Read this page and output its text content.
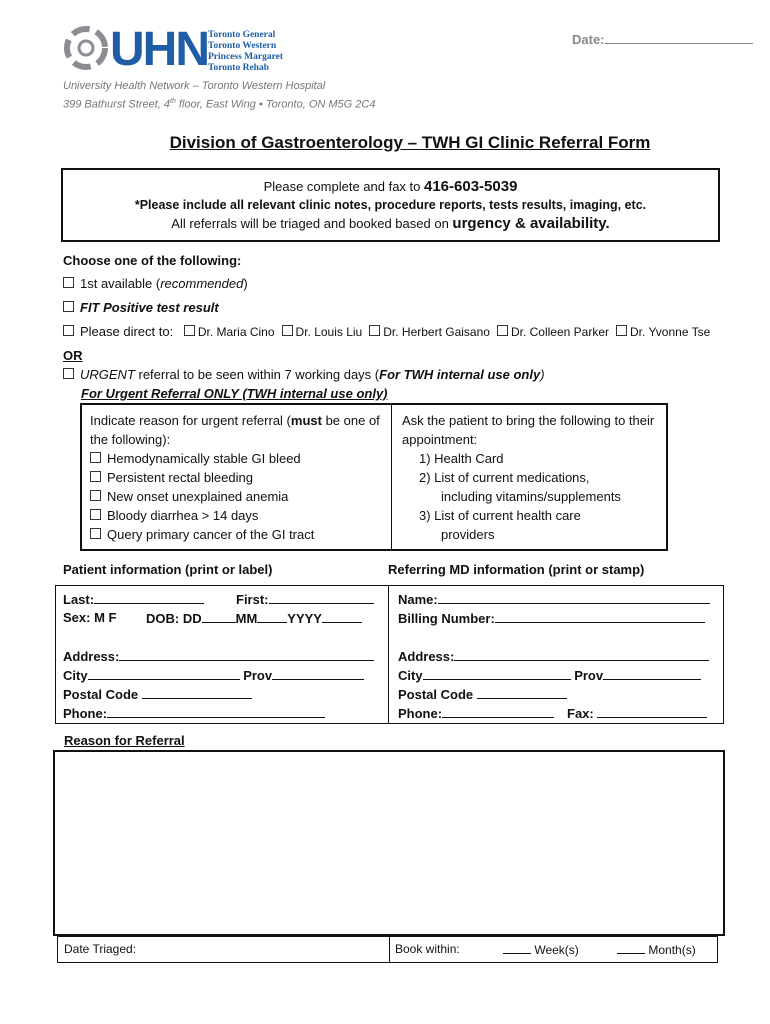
UHN Toronto General
Toronto Western
Princess Margaret
Toronto Rehab
Date:
University Health Network – Toronto Western Hospital
399 Bathurst Street, 4th floor, East Wing • Toronto, ON M5G 2C4
Division of Gastroenterology – TWH GI Clinic Referral Form
Please complete and fax to 416-603-5039
*Please include all relevant clinic notes, procedure reports, tests results, imaging, etc.
All referrals will be triaged and booked based on urgency & availability.
Choose one of the following:
1st available (recommended)
FIT Positive test result
Please direct to: Dr. Maria Cino Dr. Louis Liu Dr. Herbert Gaisano Dr. Colleen Parker Dr. Yvonne Tse
OR
URGENT referral to be seen within 7 working days (For TWH internal use only)
For Urgent Referral ONLY (TWH internal use only)
Indicate reason for urgent referral (must be one of the following):
Hemodynamically stable GI bleed
Persistent rectal bleeding
New onset unexplained anemia
Bloody diarrhea > 14 days
Query primary cancer of the GI tract
Ask the patient to bring the following to their appointment:
1) Health Card
2) List of current medications,
including vitamins/supplements
3) List of current health care
providers
Patient information (print or label)	Referring MD information (print or stamp)
Last:	First:
Sex: M F DOB: DD	MM YYYY
Address:
City	Prov
Postal Code
Phone:
Name:
Billing Number:
Address:
City	Prov
Postal Code
Phone:	Fax:
Reason for Referral
Date Triaged:	Book within:	Week(s)	Month(s)
